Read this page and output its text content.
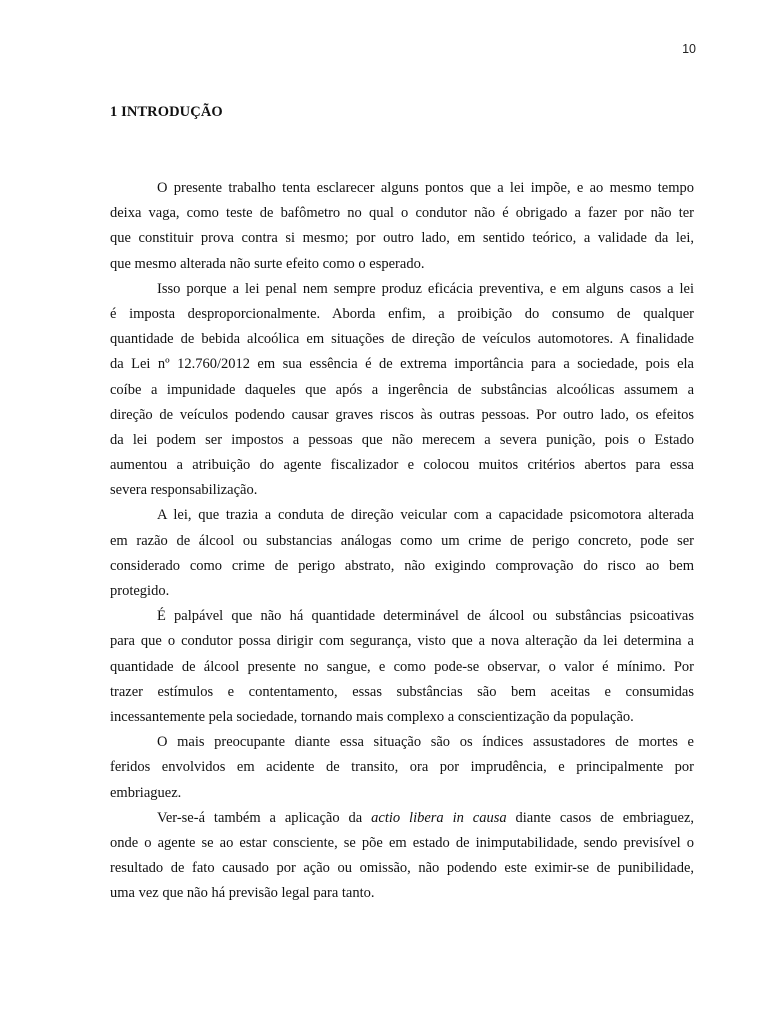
10
1 INTRODUÇÃO
O presente trabalho tenta esclarecer alguns pontos que a lei impõe, e ao mesmo tempo
deixa vaga, como teste de bafômetro no qual o condutor não é obrigado a fazer por não ter
que constituir prova contra si mesmo; por outro lado, em sentido teórico, a validade da lei,
que mesmo alterada não surte efeito como o esperado.
Isso porque a lei penal nem sempre produz eficácia preventiva, e em alguns casos a lei
é imposta desproporcionalmente. Aborda enfim, a proibição do consumo de qualquer
quantidade de bebida alcoólica em situações de direção de veículos automotores. A finalidade
da Lei nº 12.760/2012 em sua essência é de extrema importância para a sociedade, pois ela
coíbe a impunidade daqueles que após a ingerência de substâncias alcoólicas assumem a
direção de veículos podendo causar graves riscos às outras pessoas. Por outro lado, os efeitos
da lei podem ser impostos a pessoas que não merecem a severa punição, pois o Estado
aumentou a atribuição do agente fiscalizador e colocou muitos critérios abertos para essa
severa responsabilização.
A lei, que trazia a conduta de direção veicular com a capacidade psicomotora alterada
em razão de álcool ou substancias análogas como um crime de perigo concreto, pode ser
considerado como crime de perigo abstrato, não exigindo comprovação do risco ao bem
protegido.
É palpável que não há quantidade determinável de álcool ou substâncias psicoativas
para que o condutor possa dirigir com segurança, visto que a nova alteração da lei determina a
quantidade de álcool presente no sangue, e como pode-se observar, o valor é mínimo. Por
trazer estímulos e contentamento, essas substâncias são bem aceitas e consumidas
incessantemente pela sociedade, tornando mais complexo a conscientização da população.
O mais preocupante diante essa situação são os índices assustadores de mortes e
feridos envolvidos em acidente de transito, ora por imprudência, e principalmente por
embriaguez.
Ver-se-á também a aplicação da actio libera in causa diante casos de embriaguez,
onde o agente se ao estar consciente, se põe em estado de inimputabilidade, sendo previsível o
resultado de fato causado por ação ou omissão, não podendo este eximir-se de punibilidade,
uma vez que não há previsão legal para tanto.
